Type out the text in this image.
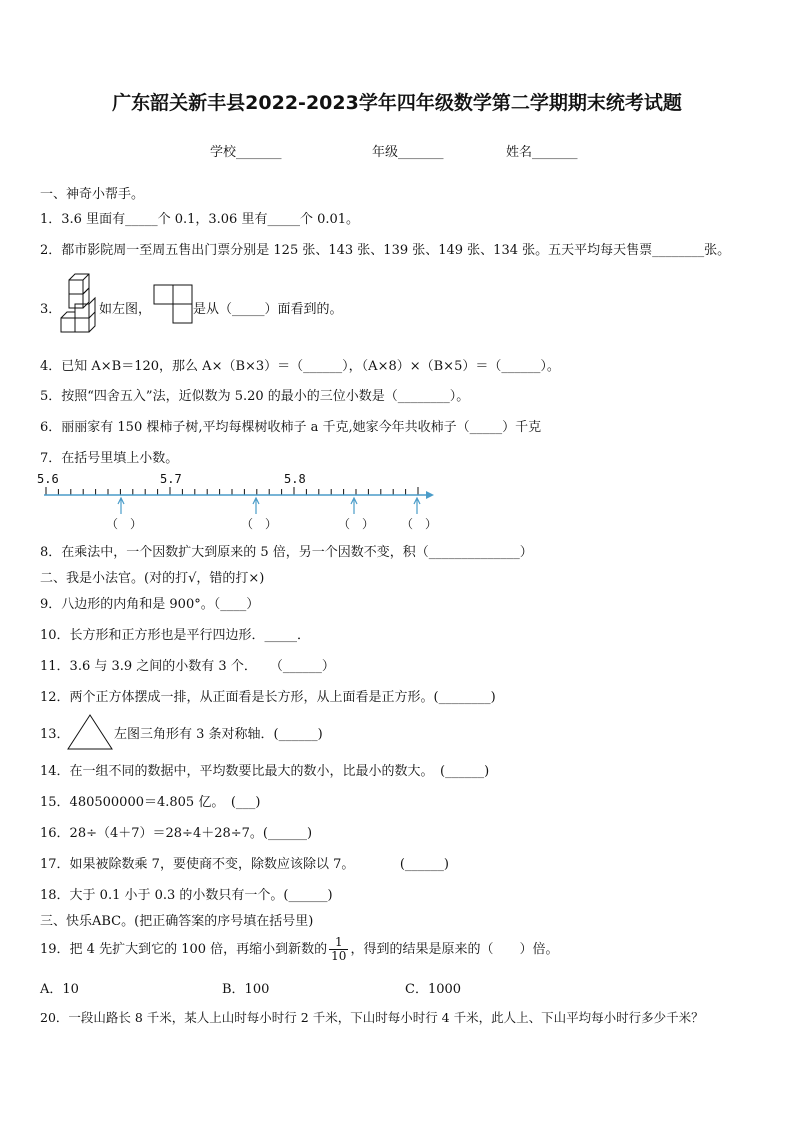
广东韶关新丰县2022-2023学年四年级数学第二学期期末统考试题
学校_______	年级_______	姓名_______
一、神奇小帮手。
1．3.6 里面有_____个 0.1，3.06 里有_____个 0.01。
2．都市影院周一至周五售出门票分别是 125 张、143 张、139 张、149 张、134 张。五天平均每天售票________张。
3．	如左图，	是从（_____）面看到的。
4．已知 A×B＝120，那么 A×（B×3）＝（______），（A×8）×（B×5）＝（______）。
5．按照“四舍五入”法，近似数为 5.20 的最小的三位小数是（________）。
6．丽丽家有 150 棵柿子树,平均每棵树收柿子 a 千克,她家今年共收柿子（_____）千克
7．在括号里填上小数。
5.6	5.7	5.8
（　）	（　）	（　） （　）
8．在乘法中，一个因数扩大到原来的 5 倍，另一个因数不变，积（______________）
二、我是小法官。(对的打√，错的打×)
9．八边形的内角和是 900°。（____）
10．长方形和正方形也是平行四边形．_____．
11．3.6 与 3.9 之间的小数有 3 个．　　（______）
12．两个正方体摆成一排，从正面看是长方形，从上面看是正方形。(________)
13．	左图三角形有 3 条对称轴．(______)
14．在一组不同的数据中，平均数要比最大的数小，比最小的数大。　(______)
15．480500000＝4.805 亿。　(___)
16．28÷（4＋7）＝28÷4＋28÷7。(______)
17．如果被除数乘 7，要使商不变，除数应该除以 7。　　　　(______)
18．大于 0.1 小于 0.3 的小数只有一个。(______)
三、快乐ABC。(把正确答案的序号填在括号里)
19．把 4 先扩大到它的 100 倍，再缩小到新数的 $\frac{1}{10}$ ，得到的结果是原来的（　　）倍。
A．10	B．100	C．1000
20．一段山路长 8 千米，某人上山时每小时行 2 千米，下山时每小时行 4 千米，此人上、下山平均每小时行多少千米？
